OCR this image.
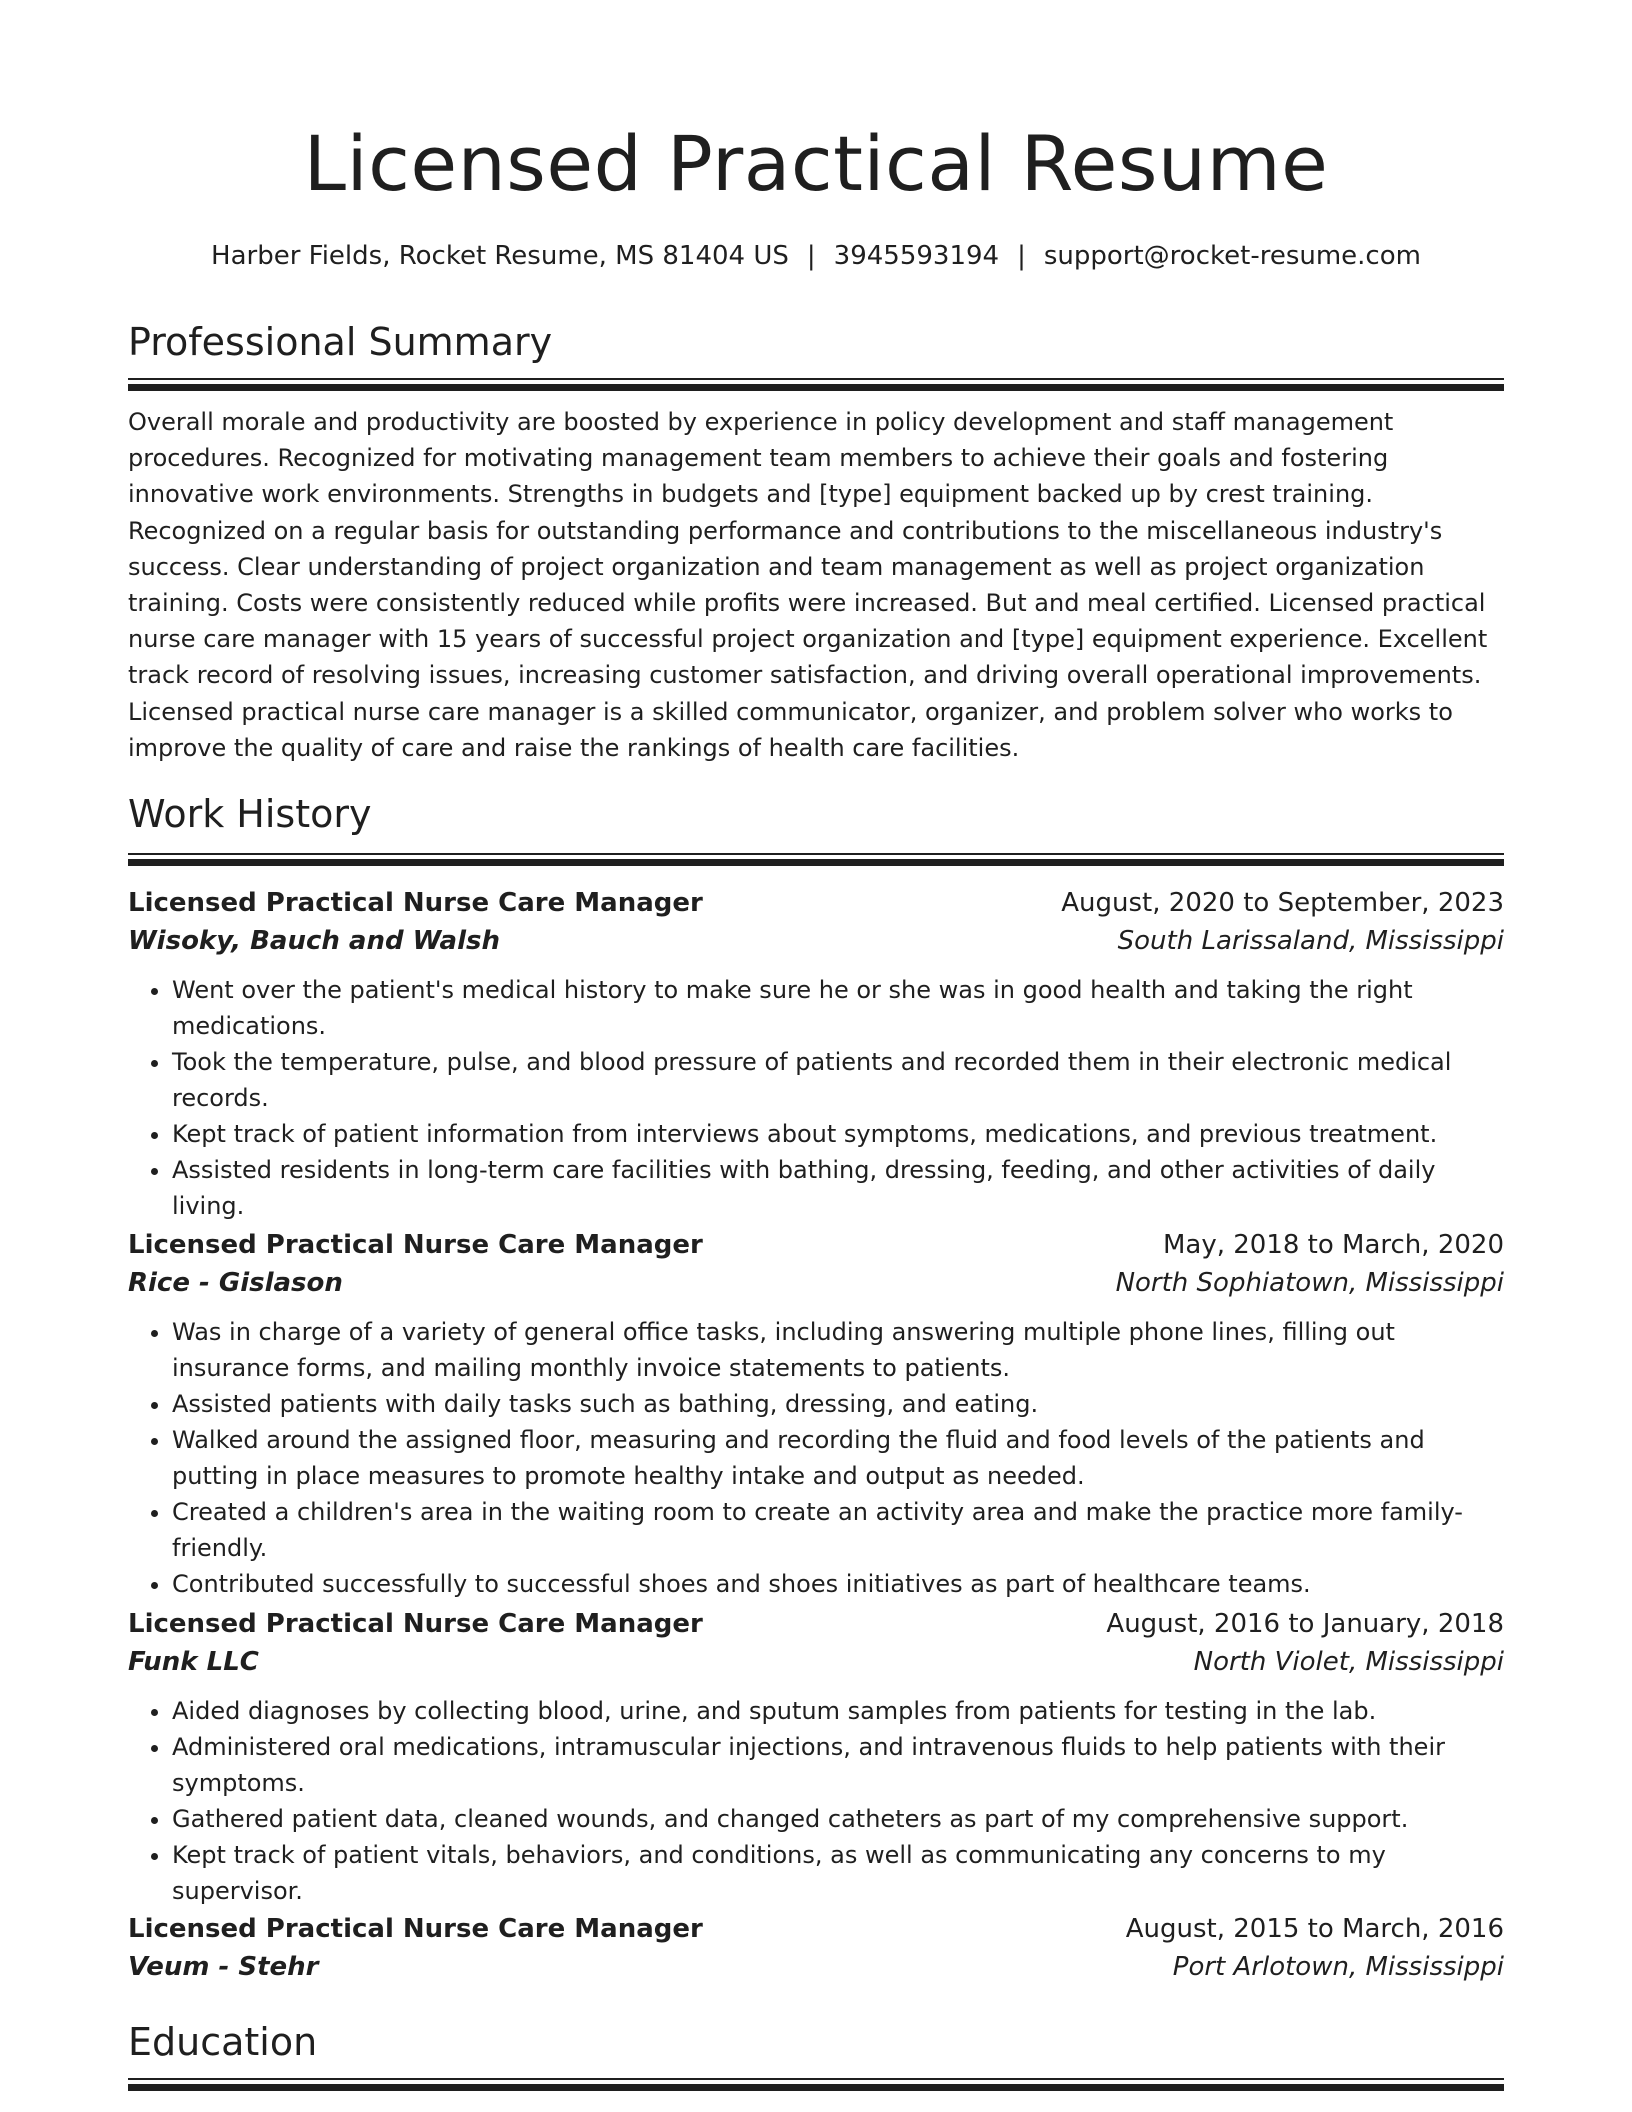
Licensed Practical Resume
Harber Fields, Rocket Resume, MS 81404 US | 3945593194 | support@rocket-resume.com
Professional Summary

Overall morale and productivity are boosted by experience in policy development and staff management procedures. Recognized for motivating management team members to achieve their goals and fostering innovative work environments. Strengths in budgets and [type] equipment backed up by crest training. Recognized on a regular basis for outstanding performance and contributions to the miscellaneous industry's success. Clear understanding of project organization and team management as well as project organization training. Costs were consistently reduced while profits were increased. But and meal certified. Licensed practical nurse care manager with 15 years of successful project organization and [type] equipment experience. Excellent track record of resolving issues, increasing customer satisfaction, and driving overall operational improvements. Licensed practical nurse care manager is a skilled communicator, organizer, and problem solver who works to improve the quality of care and raise the rankings of health care facilities.

Work History
Licensed Practical Nurse Care Manager	August, 2020 to September, 2023
Wisoky, Bauch and Walsh	South Larissaland, Mississippi
• Went over the patient's medical history to make sure he or she was in good health and taking the right medications.
• Took the temperature, pulse, and blood pressure of patients and recorded them in their electronic medical records.
• Kept track of patient information from interviews about symptoms, medications, and previous treatment.
• Assisted residents in long-term care facilities with bathing, dressing, feeding, and other activities of daily living.
Licensed Practical Nurse Care Manager	May, 2018 to March, 2020
Rice - Gislason	North Sophiatown, Mississippi
• Was in charge of a variety of general office tasks, including answering multiple phone lines, filling out insurance forms, and mailing monthly invoice statements to patients.
• Assisted patients with daily tasks such as bathing, dressing, and eating.
• Walked around the assigned floor, measuring and recording the fluid and food levels of the patients and putting in place measures to promote healthy intake and output as needed.
• Created a children's area in the waiting room to create an activity area and make the practice more family-friendly.
• Contributed successfully to successful shoes and shoes initiatives as part of healthcare teams.
Licensed Practical Nurse Care Manager	August, 2016 to January, 2018
Funk LLC	North Violet, Mississippi
• Aided diagnoses by collecting blood, urine, and sputum samples from patients for testing in the lab.
• Administered oral medications, intramuscular injections, and intravenous fluids to help patients with their symptoms.
• Gathered patient data, cleaned wounds, and changed catheters as part of my comprehensive support.
• Kept track of patient vitals, behaviors, and conditions, as well as communicating any concerns to my supervisor.
Licensed Practical Nurse Care Manager	August, 2015 to March, 2016
Veum - Stehr	Port Arlotown, Mississippi
Education
